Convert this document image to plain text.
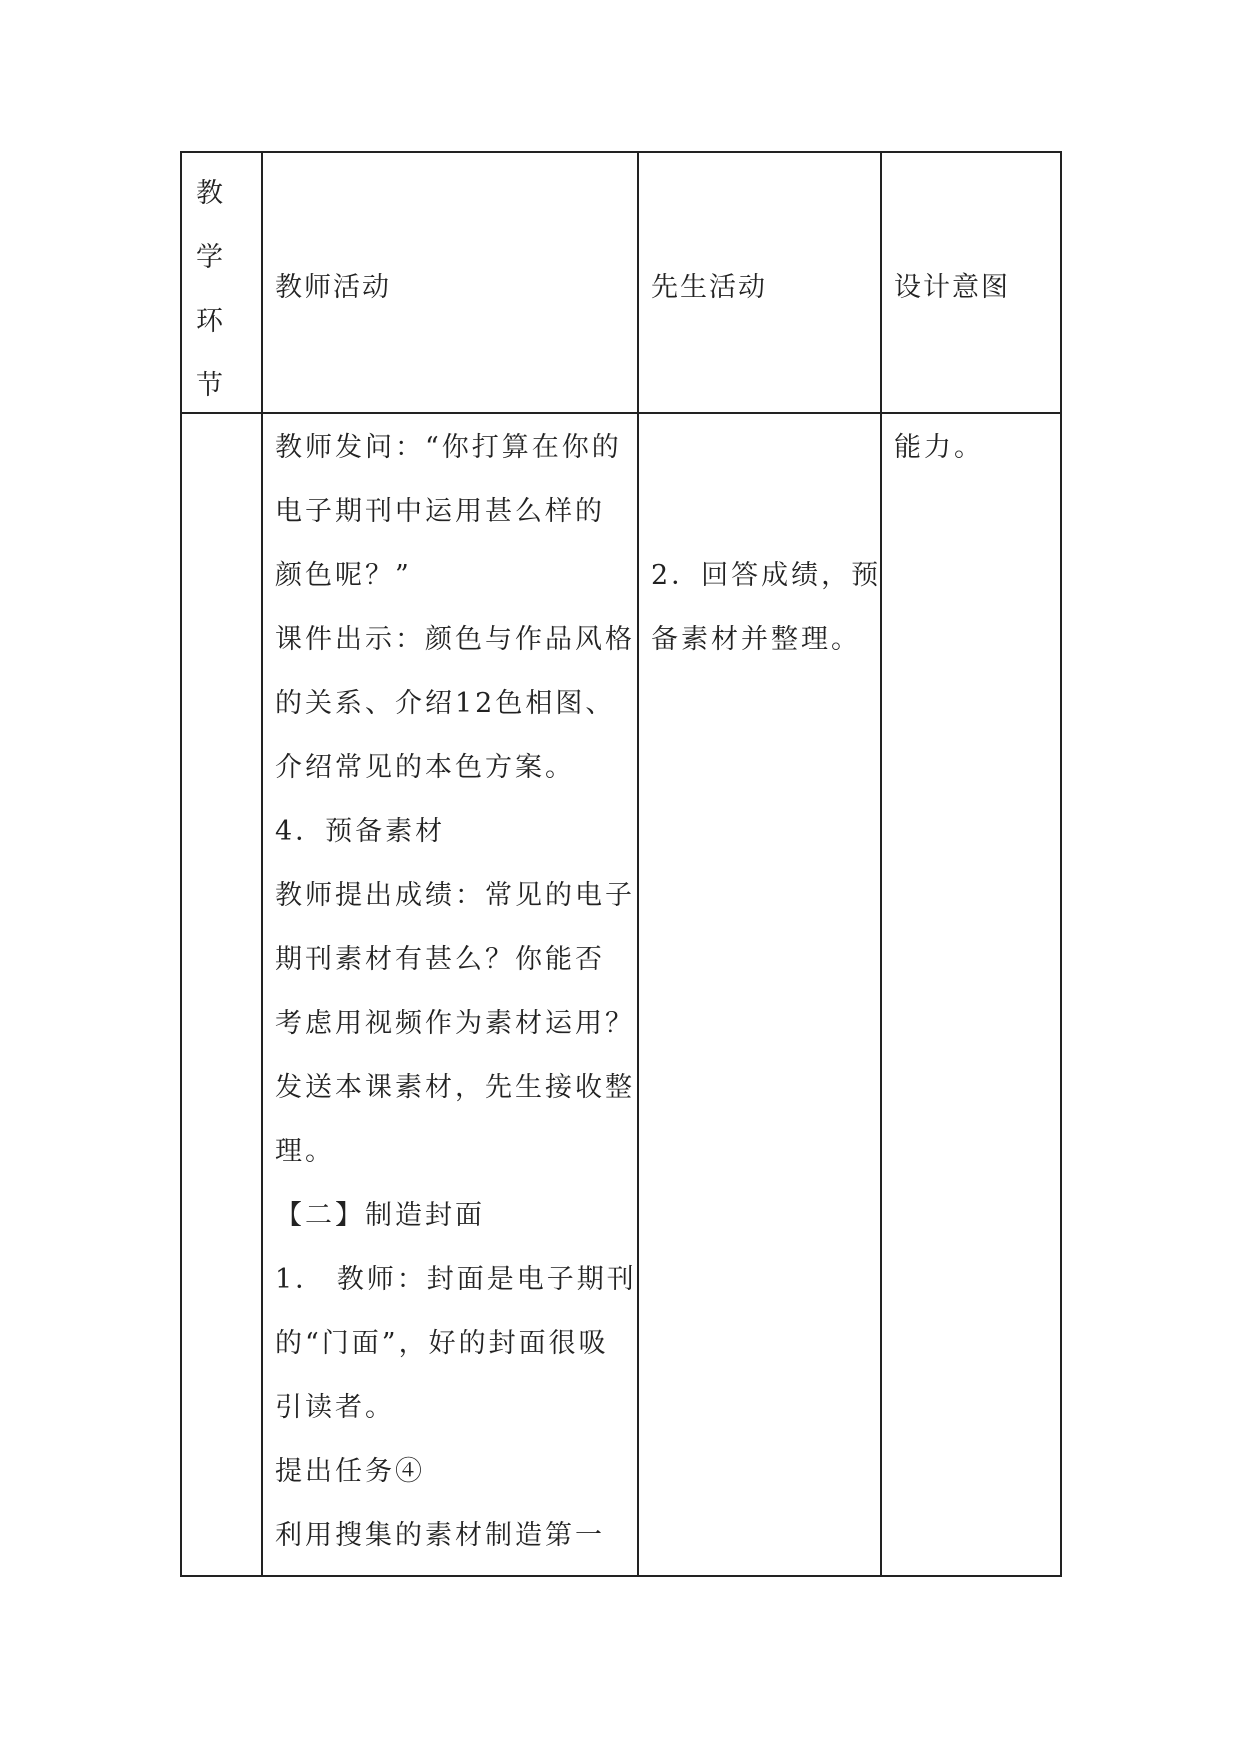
教
学
环
节
教师活动	先生活动	设计意图
教师发问：“你打算在你的
电子期刊中运用甚么样的
颜色呢？”
课件出示：颜色与作品风格
的关系、介绍12色相图、
介绍常见的本色方案。
4．预备素材
教师提出成绩：常见的电子
期刊素材有甚么？你能否
考虑用视频作为素材运用？
发送本课素材，先生接收整
理。
【二】制造封面
1． 教师：封面是电子期刊
的“门面”，好的封面很吸
引读者。
提出任务④
利用搜集的素材制造第一
2．回答成绩，预
备素材并整理。
能力。
